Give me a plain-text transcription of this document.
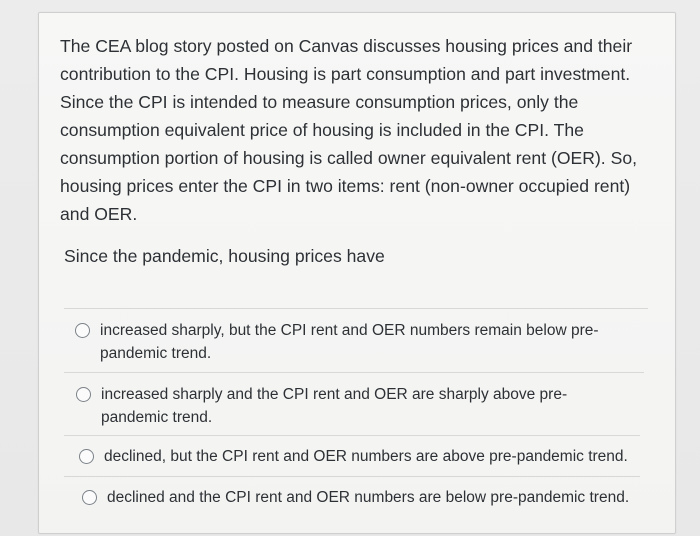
The CEA blog story posted on Canvas discusses housing prices and their contribution to the CPI. Housing is part consumption and part investment. Since the CPI is intended to measure consumption prices, only the consumption equivalent price of housing is included in the CPI. The consumption portion of housing is called owner equivalent rent (OER). So, housing prices enter the CPI in two items: rent (non-owner occupied rent) and OER.

Since the pandemic, housing prices have
increased sharply, but the CPI rent and OER numbers remain below pre-pandemic trend.
increased sharply and the CPI rent and OER are sharply above pre-pandemic trend.
declined, but the CPI rent and OER numbers are above pre-pandemic trend.
declined and the CPI rent and OER numbers are below pre-pandemic trend.
